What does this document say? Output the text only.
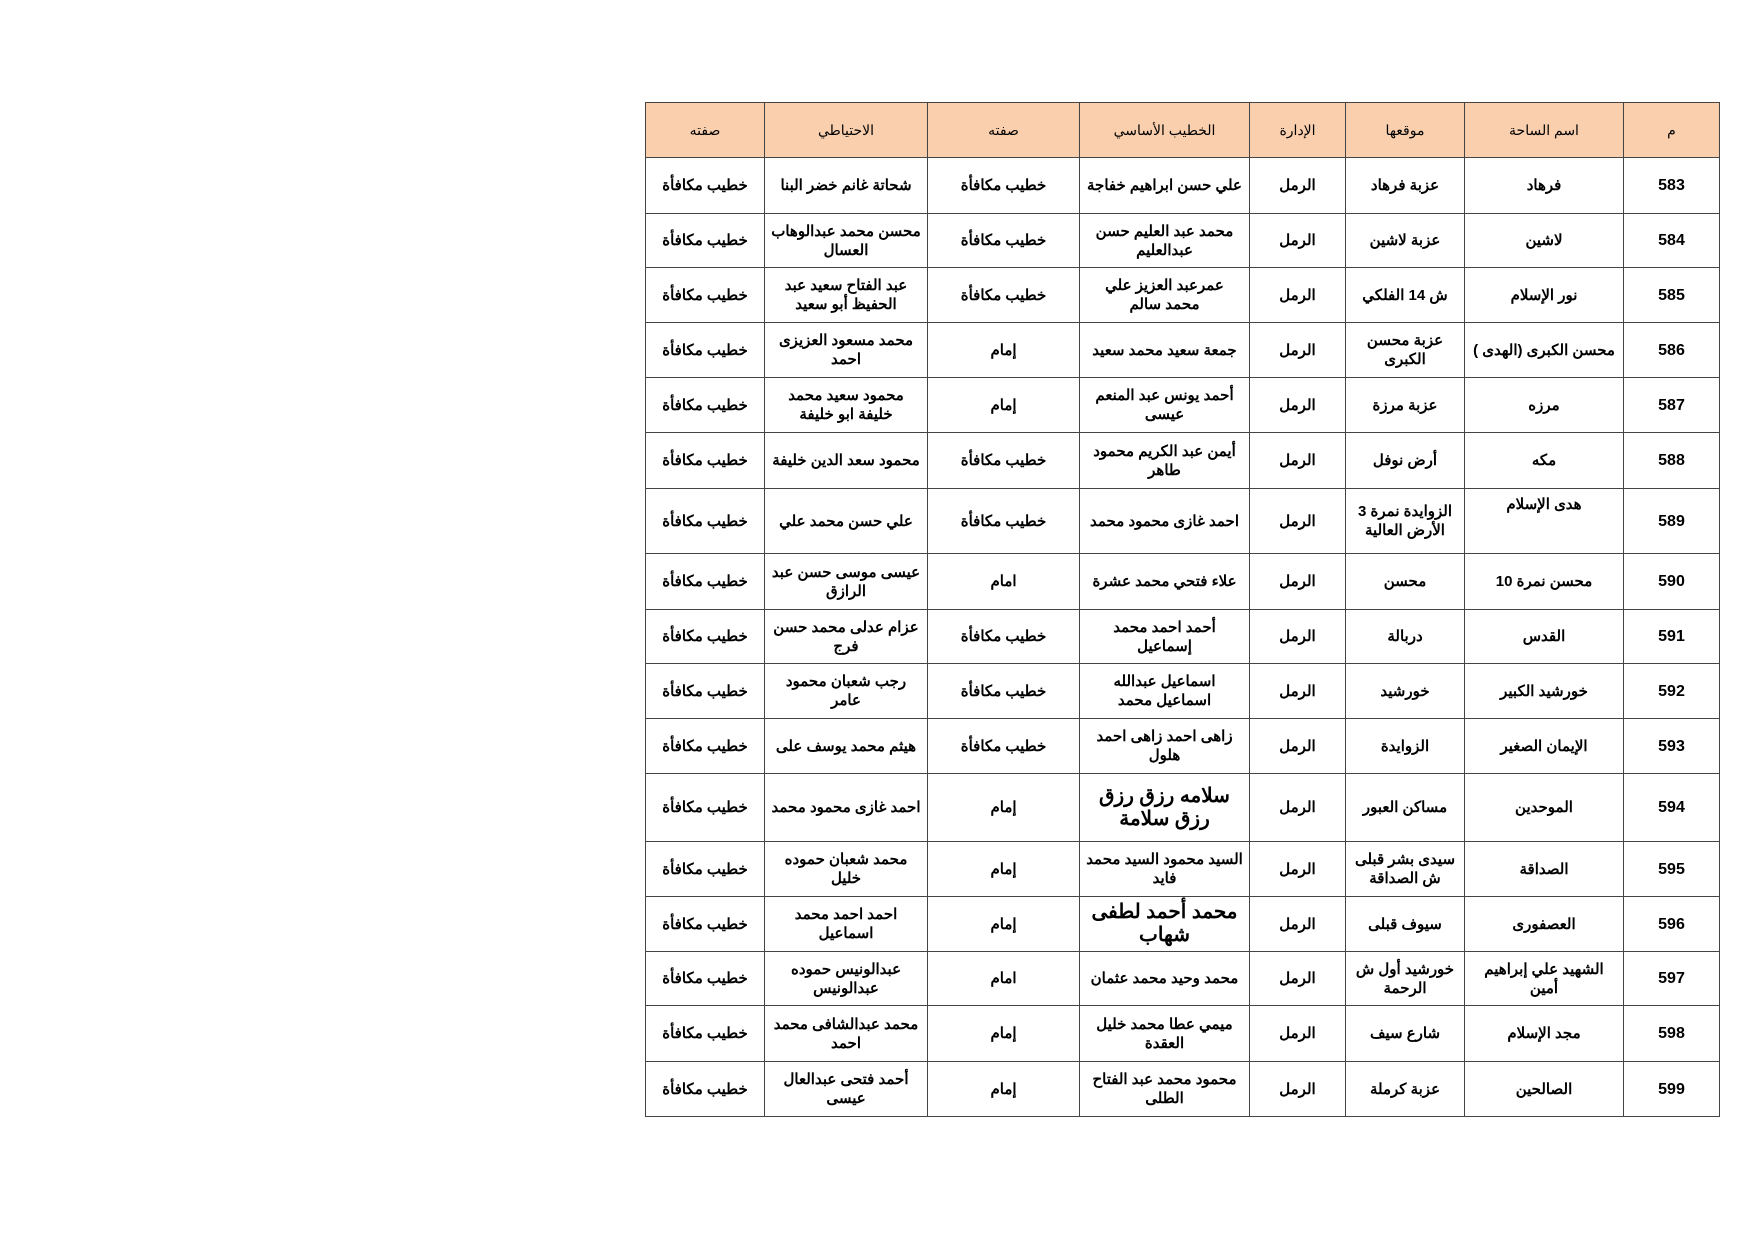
م	اسم الساحة	موقعها	الإدارة	الخطيب الأساسي	صفته	الاحتياطي	صفته
583	فرهاد	عزبة فرهاد	الرمل	علي حسن ابراهيم خفاجة	خطيب مكافأة	شحاتة غانم خضر البنا	خطيب مكافأة
584	لاشين	عزبة لاشين	الرمل	محمد عبد العليم حسن عبدالعليم	خطيب مكافأة	محسن محمد عبدالوهاب العسال	خطيب مكافأة
585	نور الإسلام	ش 14 الفلكي	الرمل	عمرعبد العزيز علي محمد سالم	خطيب مكافأة	عبد الفتاح سعيد عبد الحفيظ أبو سعيد	خطيب مكافأة
586	محسن الكبرى (الهدى )	عزبة محسن الكبرى	الرمل	جمعة سعيد محمد سعيد	إمام	محمد مسعود العزيزى احمد	خطيب مكافأة
587	مرزه	عزبة مرزة	الرمل	أحمد يونس عبد المنعم عيسى	إمام	محمود سعيد محمد خليفة ابو خليفة	خطيب مكافأة
588	مكه	أرض نوفل	الرمل	أيمن عبد الكريم محمود طاهر	خطيب مكافأة	محمود سعد الدين خليفة	خطيب مكافأة
589	هدى الإسلام	الزوايدة نمرة 3 الأرض العالية	الرمل	احمد غازى محمود محمد	خطيب مكافأة	علي حسن محمد علي	خطيب مكافأة
590	محسن نمرة 10	محسن	الرمل	علاء فتحي محمد عشرة	امام	عيسى موسى حسن عبد الرازق	خطيب مكافأة
591	القدس	دربالة	الرمل	أحمد احمد محمد إسماعيل	خطيب مكافأة	عزام عدلى محمد حسن فرج	خطيب مكافأة
592	خورشيد الكبير	خورشيد	الرمل	اسماعيل عبدالله اسماعيل محمد	خطيب مكافأة	رجب شعبان محمود عامر	خطيب مكافأة
593	الإيمان الصغير	الزوايدة	الرمل	زاهى احمد زاهى احمد هلول	خطيب مكافأة	هيثم محمد يوسف على	خطيب مكافأة
594	الموحدين	مساكن العبور	الرمل	سلامه رزق رزق رزق سلامة	إمام	احمد غازى محمود محمد	خطيب مكافأة
595	الصداقة	سيدى بشر قبلى ش الصداقة	الرمل	السيد محمود السيد محمد فايد	إمام	محمد شعبان حموده خليل	خطيب مكافأة
596	العصفورى	سيوف قبلى	الرمل	محمد أحمد لطفى شهاب	إمام	احمد احمد محمد اسماعيل	خطيب مكافأة
597	الشهيد علي إبراهيم أمين	خورشيد أول ش الرحمة	الرمل	محمد وحيد محمد عثمان	امام	عبدالونيس حموده عبدالونيس	خطيب مكافأة
598	مجد الإسلام	شارع سيف	الرمل	ميمي عطا محمد خليل العقدة	إمام	محمد عبدالشافى محمد احمد	خطيب مكافأة
599	الصالحين	عزبة كرملة	الرمل	محمود محمد عبد الفتاح الطلى	إمام	أحمد فتحى عبدالعال عيسى	خطيب مكافأة
